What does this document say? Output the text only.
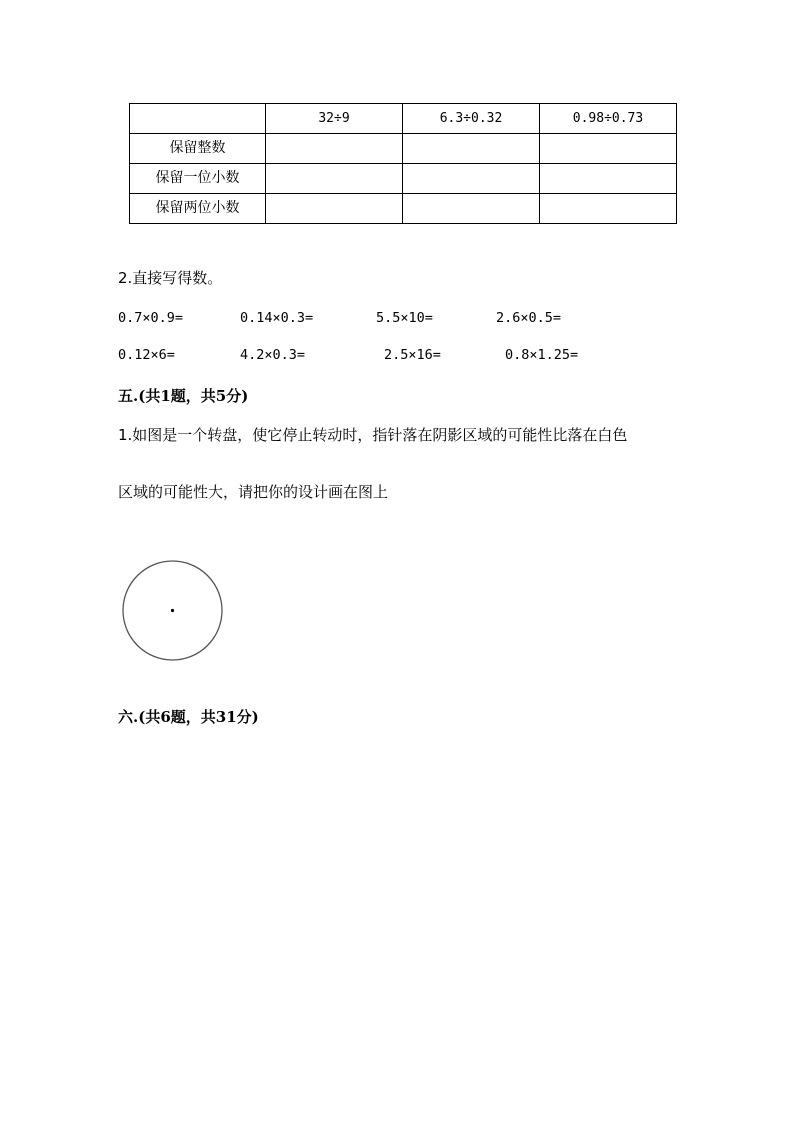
	32÷9	6.3÷0.32	0.98÷0.73
保留整数			
保留一位小数			
保留两位小数			
2.直接写得数。
0.7×0.9=	0.14×0.3=	5.5×10=	2.6×0.5=
0.12×6=	4.2×0.3=	2.5×16=	0.8×1.25=
五.(共1题，共5分)
1.如图是一个转盘，使它停止转动时，指针落在阴影区域的可能性比落在白色
区域的可能性大，请把你的设计画在图上
六.(共6题，共31分)
